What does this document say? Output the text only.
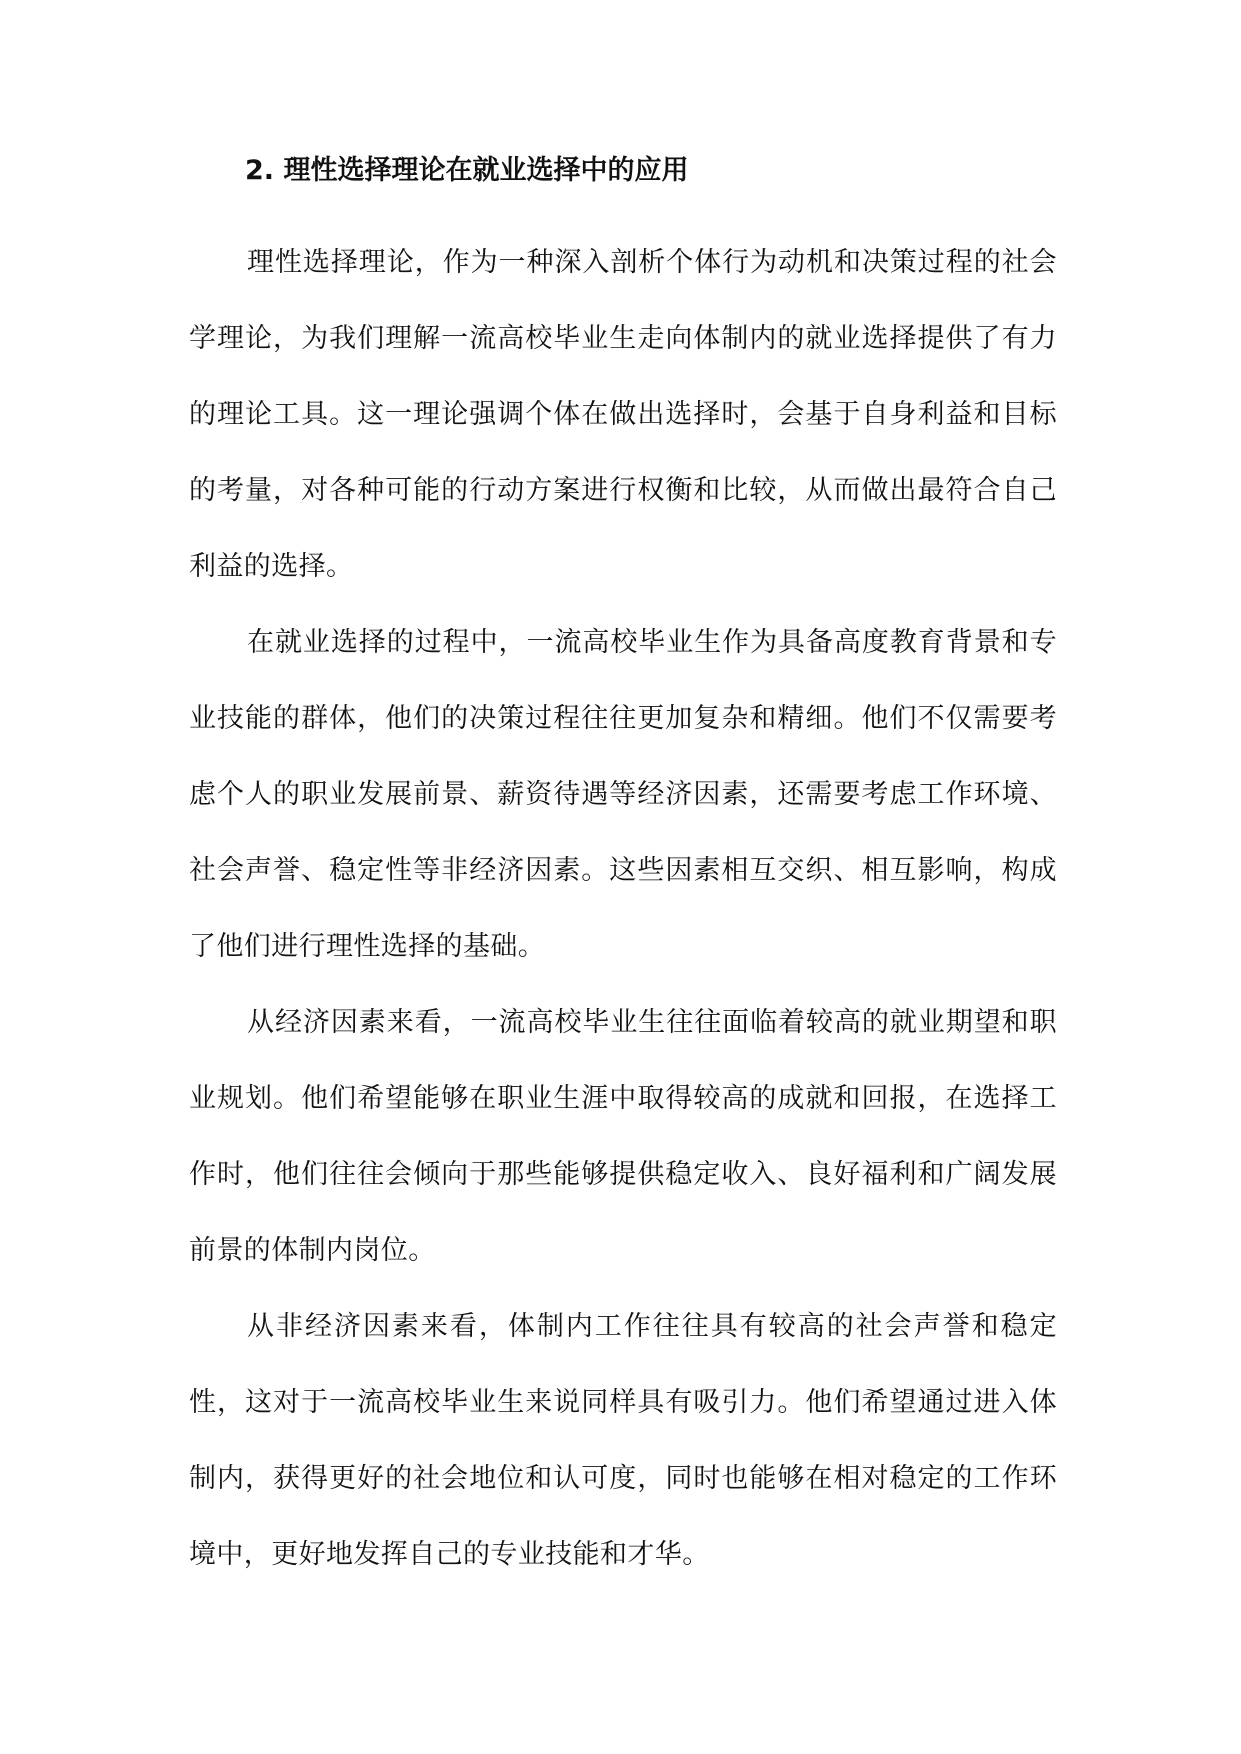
2. 理性选择理论在就业选择中的应用

理性选择理论，作为一种深入剖析个体行为动机和决策过程的社会学理论，为我们理解一流高校毕业生走向体制内的就业选择提供了有力的理论工具。这一理论强调个体在做出选择时，会基于自身利益和目标的考量，对各种可能的行动方案进行权衡和比较，从而做出最符合自己利益的选择。

在就业选择的过程中，一流高校毕业生作为具备高度教育背景和专业技能的群体，他们的决策过程往往更加复杂和精细。他们不仅需要考虑个人的职业发展前景、薪资待遇等经济因素，还需要考虑工作环境、社会声誉、稳定性等非经济因素。这些因素相互交织、相互影响，构成了他们进行理性选择的基础。

从经济因素来看，一流高校毕业生往往面临着较高的就业期望和职业规划。他们希望能够在职业生涯中取得较高的成就和回报，在选择工作时，他们往往会倾向于那些能够提供稳定收入、良好福利和广阔发展前景的体制内岗位。

从非经济因素来看，体制内工作往往具有较高的社会声誉和稳定性，这对于一流高校毕业生来说同样具有吸引力。他们希望通过进入体制内，获得更好的社会地位和认可度，同时也能够在相对稳定的工作环境中，更好地发挥自己的专业技能和才华。
